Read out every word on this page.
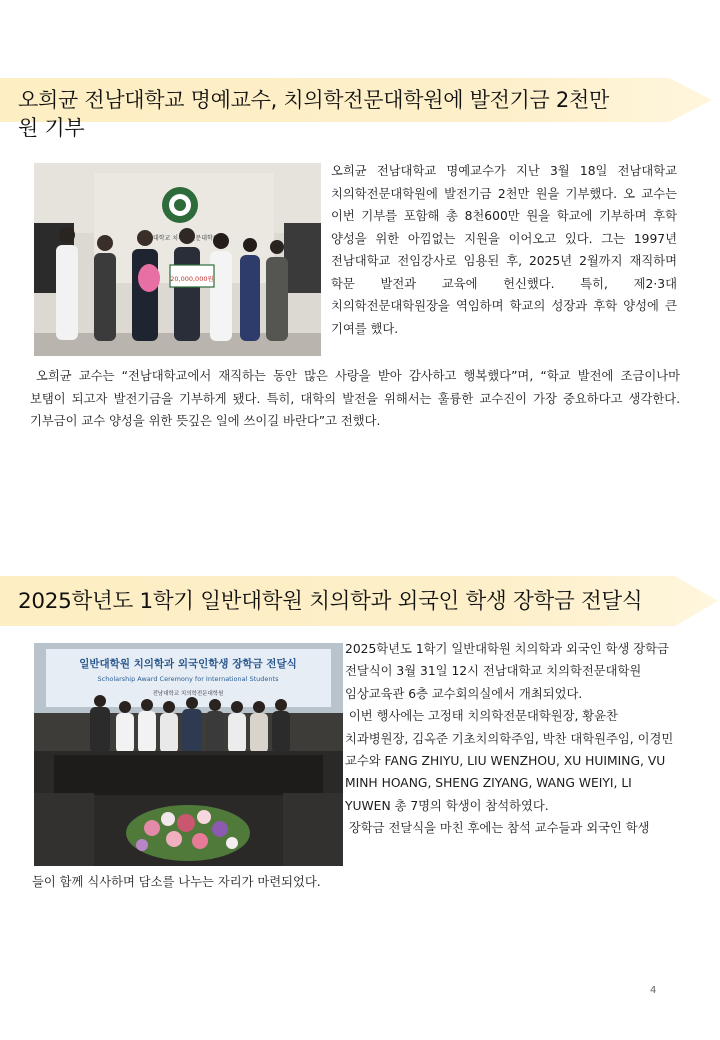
오희균 전남대학교 명예교수, 치의학전문대학원에 발전기금 2천만원 기부
전남대학교 치의학전문대학원
20,000,000원
오희균 전남대학교 명예교수가 지난 3월 18일 전남대학교 치의학전문대학원에 발전기금 2천만 원을 기부했다. 오 교수는 이번 기부를 포함해 총 8천600만 원을 학교에 기부하며 후학 양성을 위한 아낌없는 지원을 이어오고 있다. 그는 1997년 전남대학교 전임강사로 임용된 후, 2025년 2월까지 재직하며 학문 발전과 교육에 헌신했다. 특히, 제2·3대 치의학전문대학원장을 역임하며 학교의 성장과 후학 양성에 큰 기여를 했다.
오희균 교수는 “전남대학교에서 재직하는 동안 많은 사랑을 받아 감사하고 행복했다”며, “학교 발전에 조금이나마 보탬이 되고자 발전기금을 기부하게 됐다. 특히, 대학의 발전을 위해서는 훌륭한 교수진이 가장 중요하다고 생각한다. 기부금이 교수 양성을 위한 뜻깊은 일에 쓰이길 바란다”고 전했다.
2025학년도 1학기 일반대학원 치의학과 외국인 학생 장학금 전달식
일반대학원 치의학과 외국인학생 장학금 전달식
Scholarship Award Ceremony for International Students
전남대학교 치의학전문대학원
2025학년도 1학기 일반대학원 치의학과 외국인 학생 장학금 전달식이 3월 31일 12시 전남대학교 치의학전문대학원 임상교육관 6층 교수회의실에서 개최되었다.
이번 행사에는 고정태 치의학전문대학원장, 황윤찬 치과병원장, 김옥준 기초치의학주임, 박찬 대학원주임, 이경민 교수와 FANG ZHIYU, LIU WENZHOU, XU HUIMING, VU MINH HOANG, SHENG ZIYANG, WANG WEIYI, LI YUWEN 총 7명의 학생이 참석하였다.
장학금 전달식을 마친 후에는 참석 교수들과 외국인 학생
들이 함께 식사하며 담소를 나누는 자리가 마련되었다.
4
